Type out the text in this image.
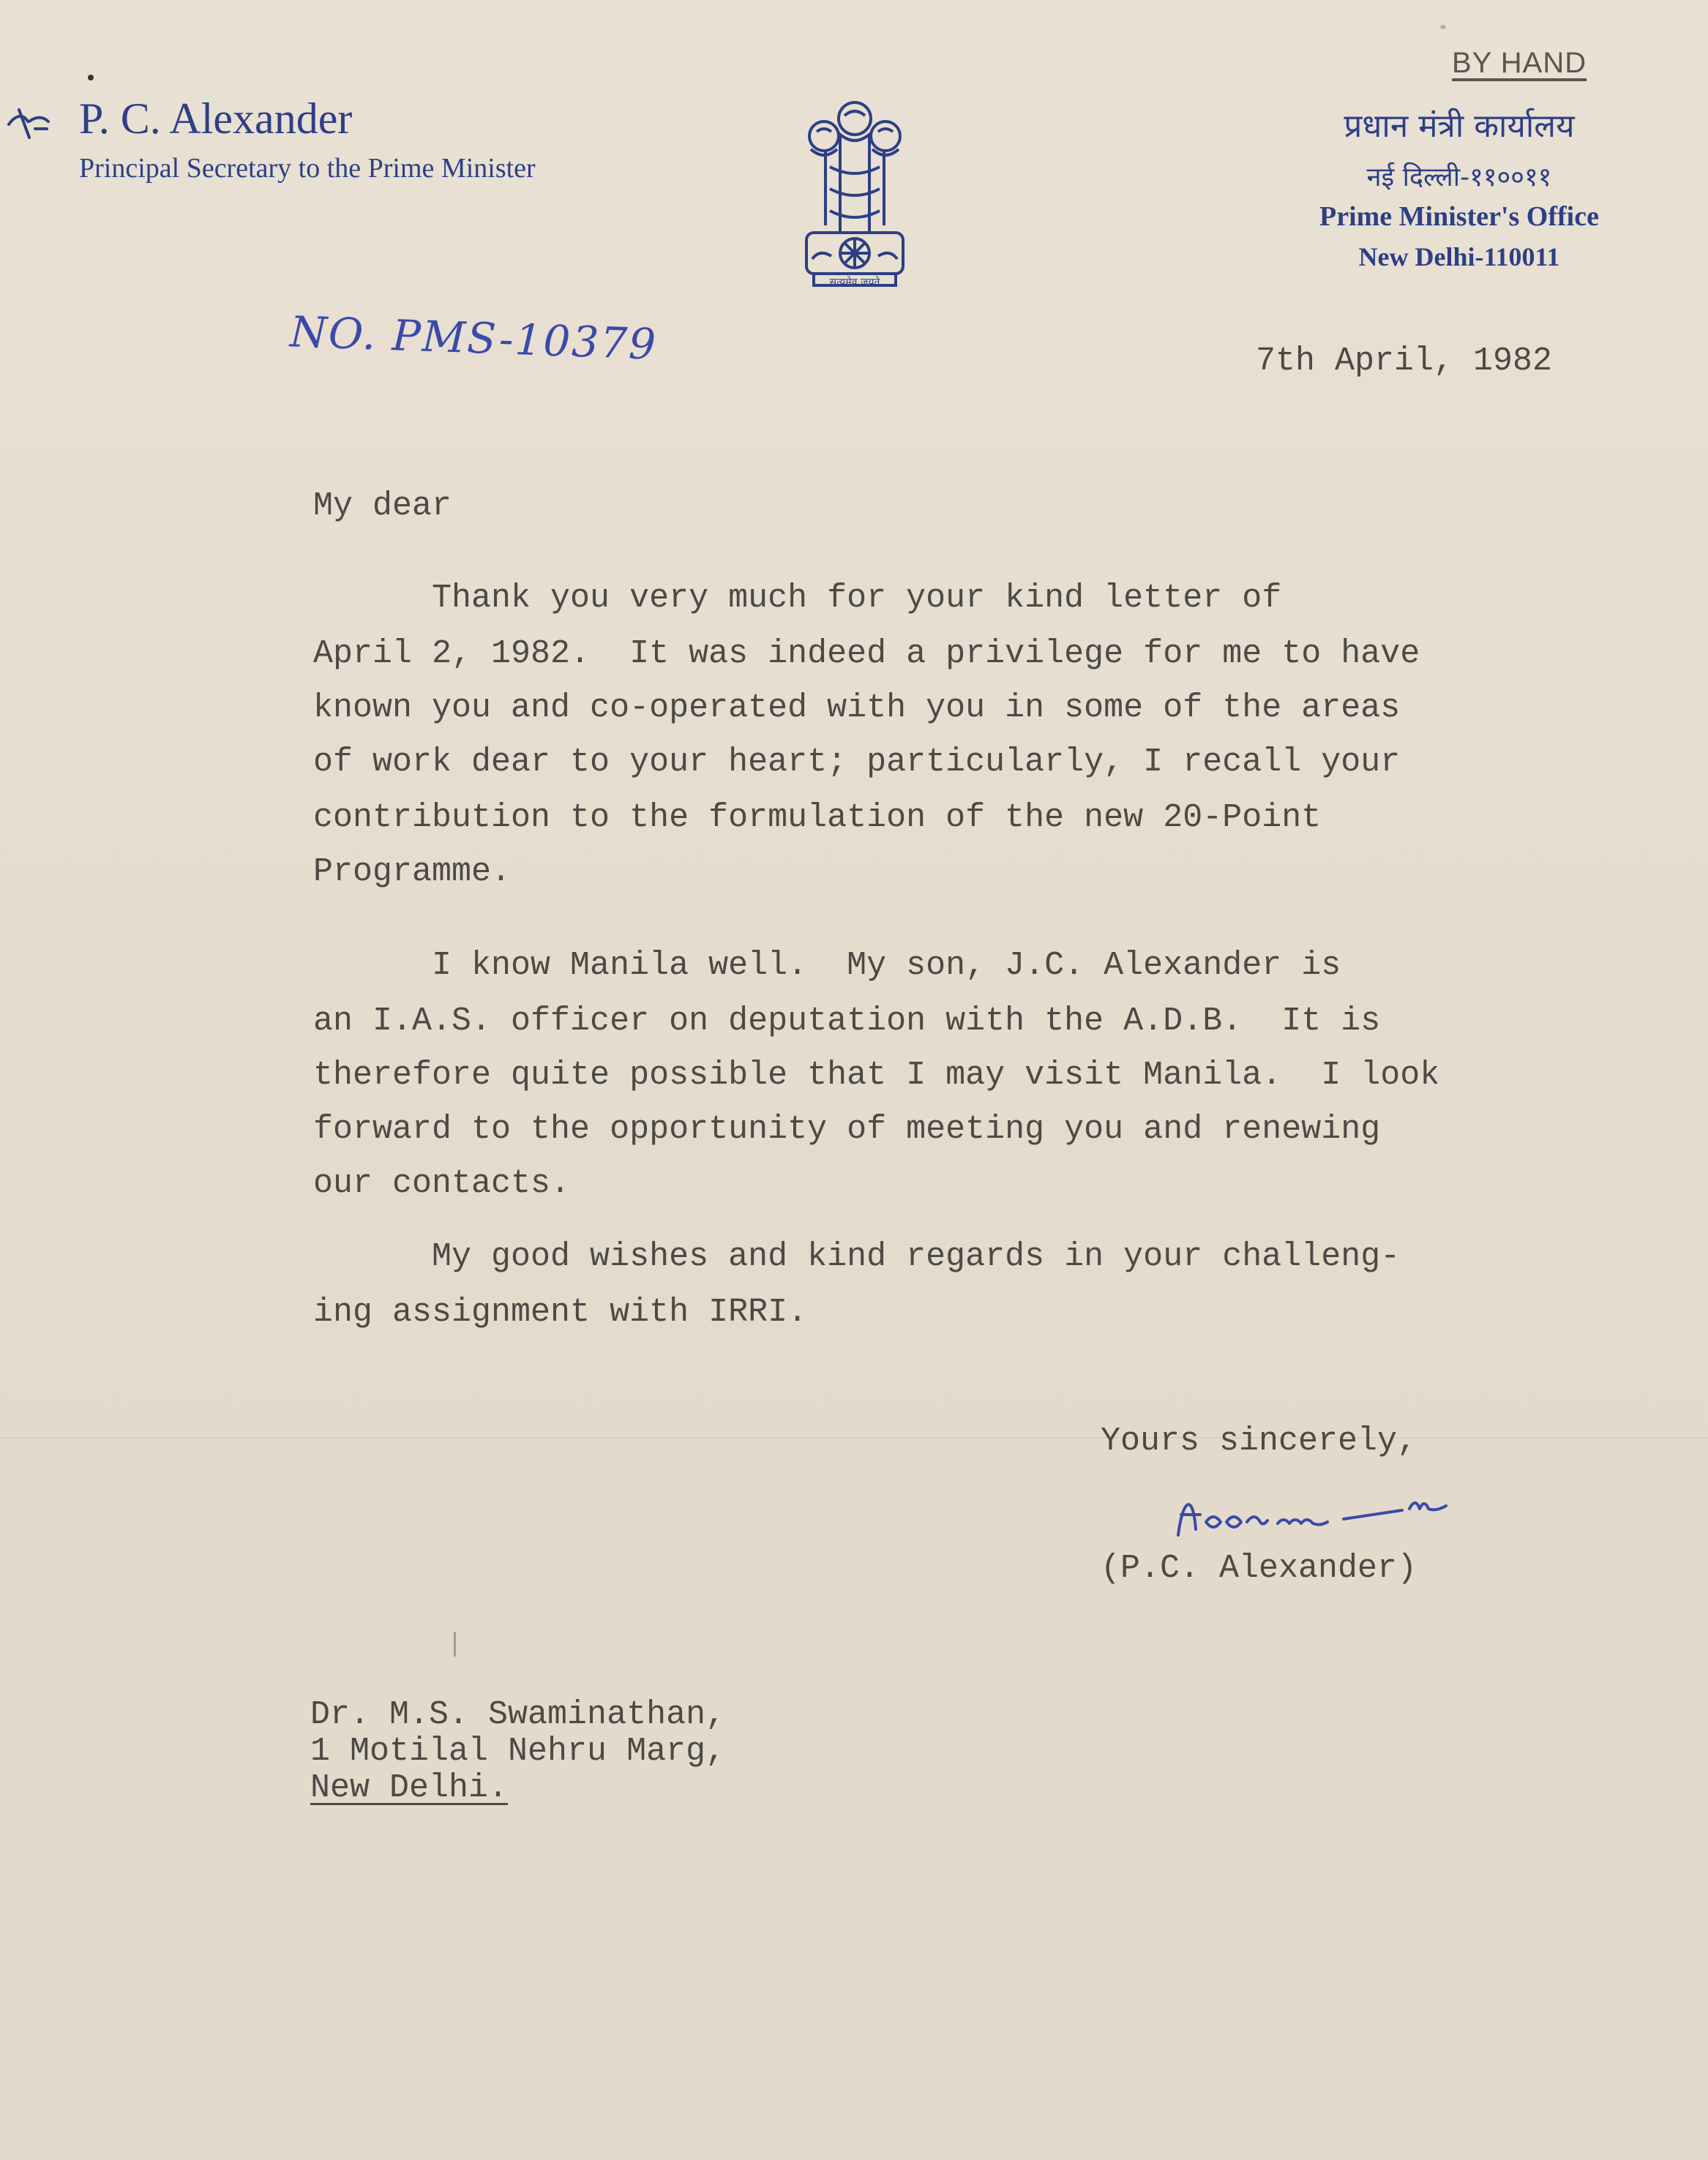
P. C. Alexander
Principal Secretary to the Prime Minister
सत्यमेव जयते
BY HAND
प्रधान मंत्री कार्यालय
नई दिल्ली-११००११
Prime Minister's Office
New Delhi-110011
NO. PMS-10379	7th April, 1982
My dear
Thank you very much for your kind letter of
April 2, 1982.  It was indeed a privilege for me to have
known you and co-operated with you in some of the areas
of work dear to your heart; particularly, I recall your
contribution to the formulation of the new 20-Point
Programme.
I know Manila well.  My son, J.C. Alexander is
an I.A.S. officer on deputation with the A.D.B.  It is
therefore quite possible that I may visit Manila.  I look
forward to the opportunity of meeting you and renewing
our contacts.
My good wishes and kind regards in your challeng-
ing assignment with IRRI.
Yours sincerely,
(P.C. Alexander)
Dr. M.S. Swaminathan,
1 Motilal Nehru Marg,
New Delhi.
